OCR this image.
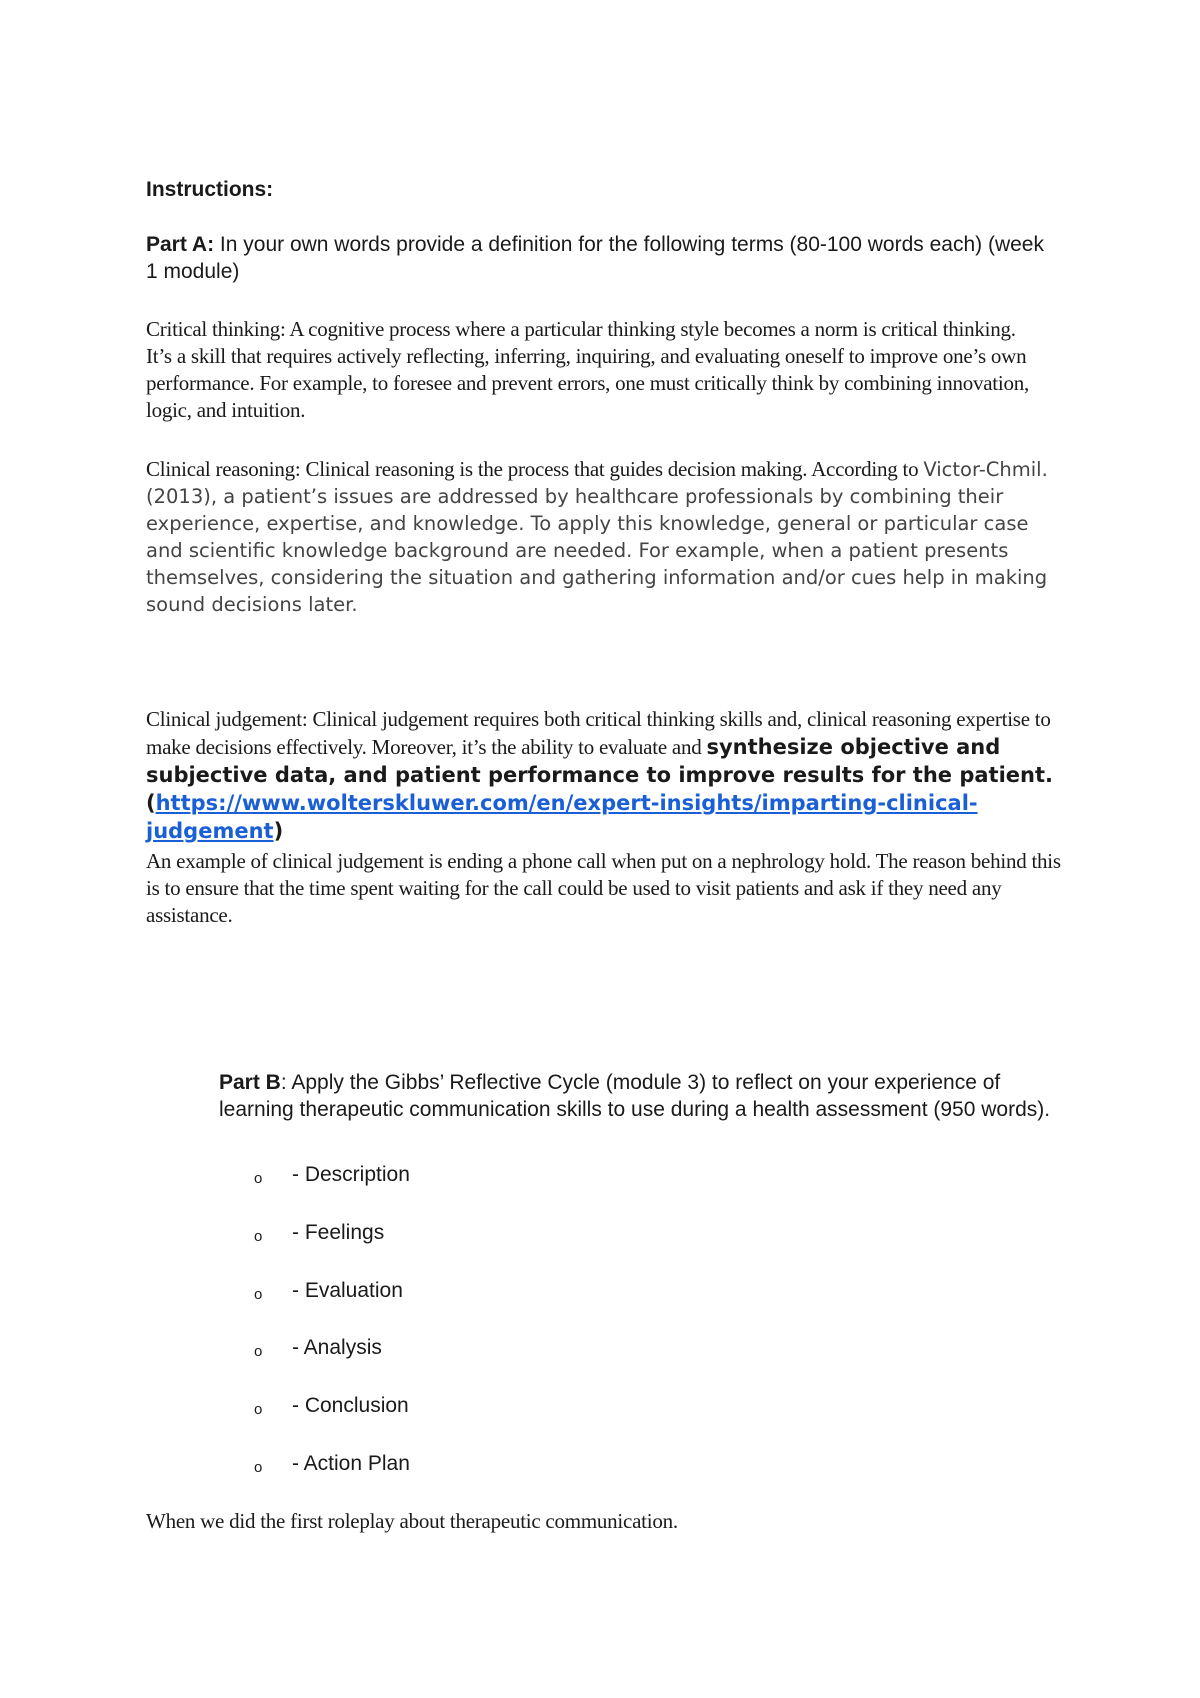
Instructions:

Part A: In your own words provide a definition for the following terms (80-100 words each) (week 1 module)

Critical thinking: A cognitive process where a particular thinking style becomes a norm is critical thinking. It’s a skill that requires actively reflecting, inferring, inquiring, and evaluating oneself to improve one’s own performance. For example, to foresee and prevent errors, one must critically think by combining innovation, logic, and intuition.

Clinical reasoning: Clinical reasoning is the process that guides decision making. According to Victor-Chmil. (2013), a patient’s issues are addressed by healthcare professionals by combining their experience, expertise, and knowledge. To apply this knowledge, general or particular case and scientific knowledge background are needed. For example, when a patient presents themselves, considering the situation and gathering information and/or cues help in making sound decisions later.

Clinical judgement: Clinical judgement requires both critical thinking skills and, clinical reasoning expertise to make decisions effectively. Moreover, it’s the ability to evaluate and synthesize objective and subjective data, and patient performance to improve results for the patient. (https://www.wolterskluwer.com/en/expert-insights/imparting-clinical-judgement)

An example of clinical judgement is ending a phone call when put on a nephrology hold. The reason behind this is to ensure that the time spent waiting for the call could be used to visit patients and ask if they need any assistance.

Part B: Apply the Gibbs’ Reflective Cycle (module 3) to reflect on your experience of learning therapeutic communication skills to use during a health assessment (950 words).

o - Description
o - Feelings
o - Evaluation
o - Analysis
o - Conclusion
o - Action Plan

When we did the first roleplay about therapeutic communication.
